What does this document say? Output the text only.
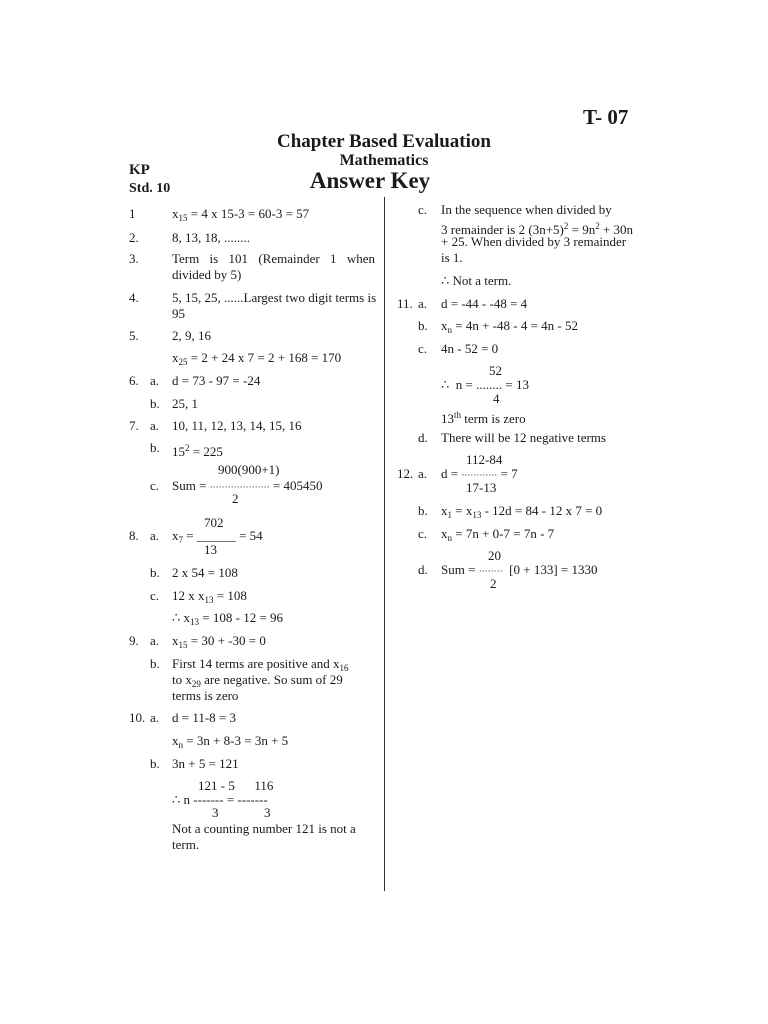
T- 07
Chapter Based Evaluation
Mathematics
Answer Key
KP
Std. 10
1	$x_{15} = 4$ x 15-3 = 60-3 = 57
2.	8, 13, 18, ........
3.	Term is 101 (Remainder 1 when divided by 5)
4.	5, 15, 25, ......Largest two digit terms is 95
5.	2, 9, 16
$x_{25} = 2 + 24$ x 7 = 2 + 168 = 170
6. a. d = 73 - 97 = -24
b. 25, 1
7. a. 10, 11, 12, 13, 14, 15, 16
b. $15^2 = 225$
900(900+1)
c. Sum = ···················· = 405450
2
702
8. a. $x_7$ = ______ = 54
13
b. 2 x 54 = 108
c. 12 x $x_{13} = 108$
∴ $x_{13} = 108 - 12 = 96$
9. a. $x_{15} = 30 + -30 = 0$
b. First 14 terms are positive and $x_{16}$
to $x_{29}$ are negative. So sum of 29
terms is zero
10. a. d = 11-8 = 3
$x_n = 3n + 8-3 = 3n + 5$
b. 3n + 5 = 121
121 - 5      116
∴ n ------- = -------
3              3
Not a counting number 121 is not a term.
c. In the sequence when divided by
3 remainder is 2 $(3n+5)^2 = 9n^2 + 30n$
+ 25. When divided by 3 remainder
is 1.
∴ Not a term.
11. a. d = -44 - -48 = 4
b. $x_n = 4n + -48 - 4 = 4n - 52$
c. 4n - 52 = 0
52
∴  n = ........ = 13
4
13th term is zero
d. There will be 12 negative terms
112-84
12. a. d = ············ = 7
17-13
b. $x_1 = x_{13} - 12d = 84 - 12$ x 7 = 0
c. $x_n = 7n + 0-7 = 7n - 7$
20
d. Sum = ········  [0 + 133] = 1330
2
